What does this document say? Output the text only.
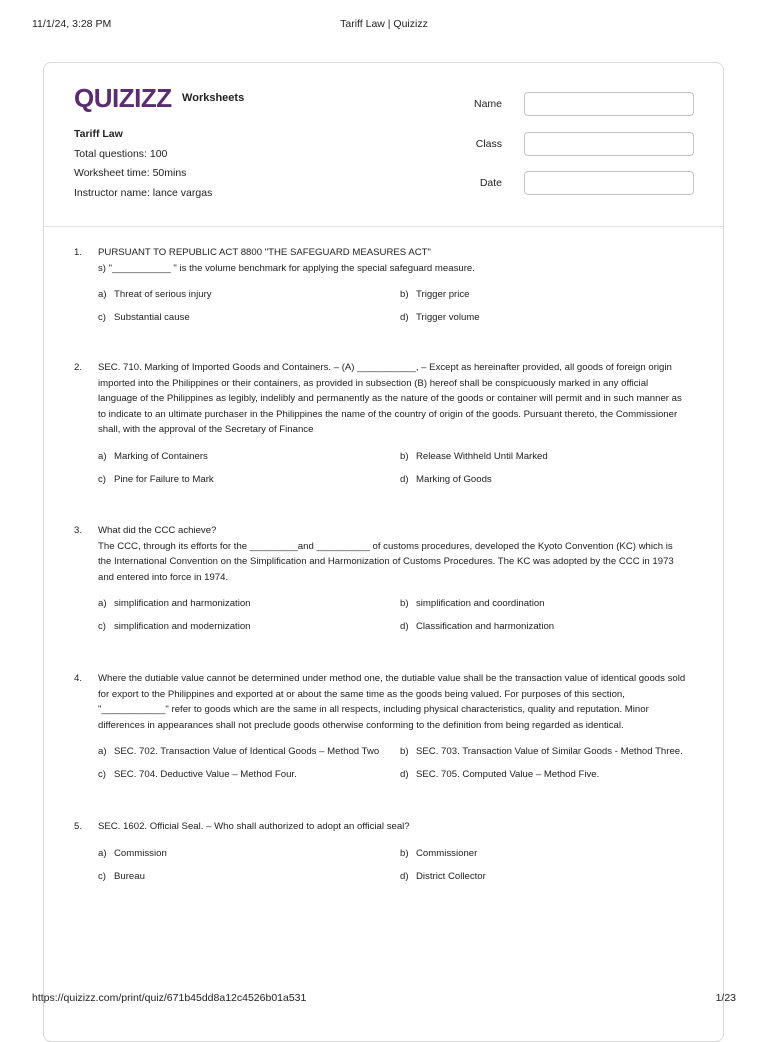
11/1/24, 3:28 PM	Tariff Law | Quizizz
QUIZIZZ Worksheets
Tariff Law
Total questions: 100
Worksheet time: 50mins
Instructor name: lance vargas
Name
Class
Date
1. PURSUANT TO REPUBLIC ACT 8800 "THE SAFEGUARD MEASURES ACT"
s) "___________ " is the volume benchmark for applying the special safeguard measure.
a) Threat of serious injury	b) Trigger price
c) Substantial cause	d) Trigger volume
2. SEC. 710. Marking of Imported Goods and Containers. – (A) ___________, – Except as hereinafter provided, all goods of foreign origin
imported into the Philippines or their containers, as provided in subsection (B) hereof shall be conspicuously marked in any official
language of the Philippines as legibly, indelibly and permanently as the nature of the goods or container will permit and in such manner as
to indicate to an ultimate purchaser in the Philippines the name of the country of origin of the goods. Pursuant thereto, the Commissioner
shall, with the approval of the Secretary of Finance
a) Marking of Containers	b) Release Withheld Until Marked
c) Pine for Failure to Mark	d) Marking of Goods
3. What did the CCC achieve?
The CCC, through its efforts for the _________and __________ of customs procedures, developed the Kyoto Convention (KC) which is
the International Convention on the Simplification and Harmonization of Customs Procedures. The KC was adopted by the CCC in 1973
and entered into force in 1974.
a) simplification and harmonization	b) simplification and coordination
c) simplification and modernization	d) Classification and harmonization
4. Where the dutiable value cannot be determined under method one, the dutiable value shall be the transaction value of identical goods sold
for export to the Philippines and exported at or about the same time as the goods being valued. For purposes of this section,
"____________" refer to goods which are the same in all respects, including physical characteristics, quality and reputation. Minor
differences in appearances shall not preclude goods otherwise conforming to the definition from being regarded as identical.
a) SEC. 702. Transaction Value of Identical Goods – Method Two	b) SEC. 703. Transaction Value of Similar Goods - Method Three.
c) SEC. 704. Deductive Value – Method Four.	d) SEC. 705. Computed Value – Method Five.
5. SEC. 1602. Official Seal. – Who shall authorized to adopt an official seal?
a) Commission	b) Commissioner
c) Bureau	d) District Collector
https://quizizz.com/print/quiz/671b45dd8a12c4526b01a531	1/23
